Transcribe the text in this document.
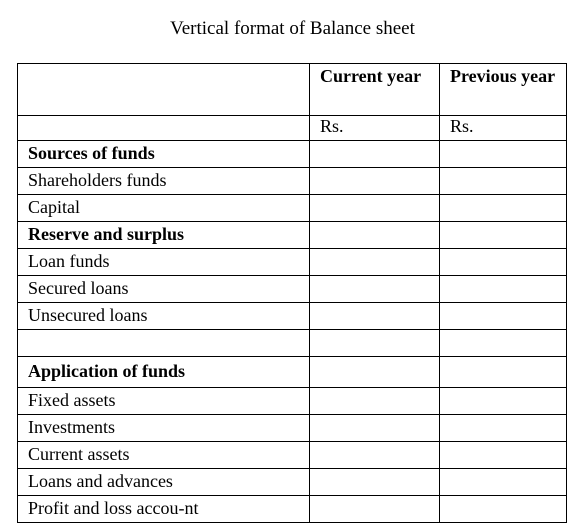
Vertical format of Balance sheet
	Current year	Previous year
	Rs.	Rs.
Sources of funds		
Shareholders funds		
Capital		
Reserve and surplus		
Loan funds		
Secured loans		
Unsecured loans		

Application of funds		
Fixed assets		
Investments		
Current assets		
Loans and advances		
Profit and loss accou-nt		
